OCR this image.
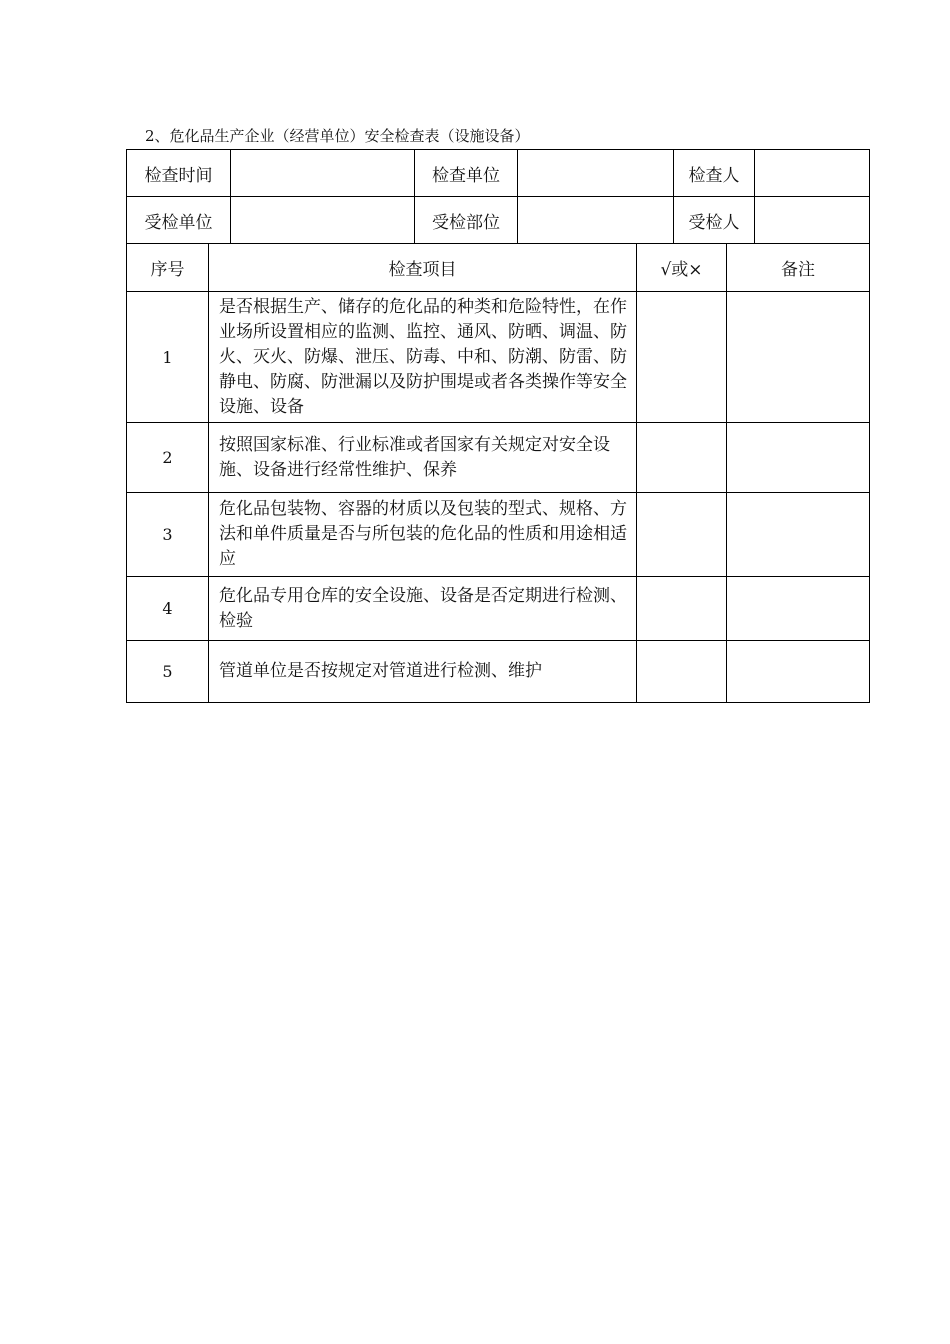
2、危化品生产企业（经营单位）安全检查表（设施设备）
检查时间		检查单位		检查人	
受检单位		受检部位		受检人	
序号	检查项目	√或×	备注
1	是否根据生产、储存的危化品的种类和危险特性，在作业场所设置相应的监测、监控、通风、防晒、调温、防火、灭火、防爆、泄压、防毒、中和、防潮、防雷、防静电、防腐、防泄漏以及防护围堤或者各类操作等安全设施、设备		
2	按照国家标准、行业标准或者国家有关规定对安全设施、设备进行经常性维护、保养		
3	危化品包装物、容器的材质以及包装的型式、规格、方法和单件质量是否与所包装的危化品的性质和用途相适应		
4	危化品专用仓库的安全设施、设备是否定期进行检测、检验		
5	管道单位是否按规定对管道进行检测、维护		
